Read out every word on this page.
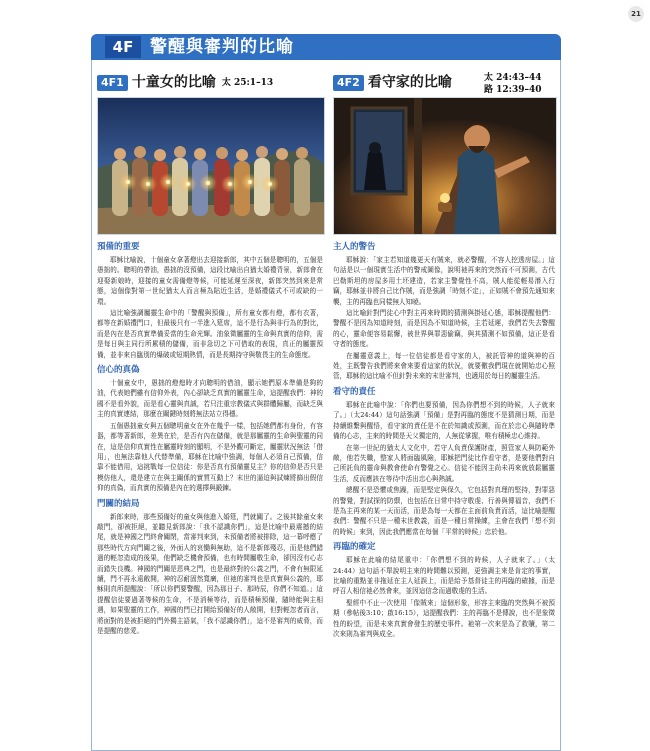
21
4F 警醒與審判的比喻
4F1 十童女的比喻 太 25:1–13	4F2 看守家的比喻	太 24:43–44
路 12:39–40
預備的重要

耶穌比喻說，十個童女拿著燈出去迎接新郎，其中五個是聰明的，五個是愚拙的。聰明的帶油，愚拙的沒預備，這段比喻出自猶太婚禮背景，新郎會在迎娶新娘時，迎接的童女需備燈等候，可能延遲至深夜，新郎突然到來是常態，這個像對第一世紀猶太人而言極為貼近生活，是婚禮儀式不可或缺的一環。

這比喻強調屬靈生命中的「警醒與預備」，所有童女都有燈，都有衣著，都等在新婚禮門口，但最後只有一半進入筵席，這不是行為與非行為的對比，而是內在是否真實準備妥當的生命光輝。油象徵屬靈的生命與真實的信仰，需是每日與主同行所累積的儲備，而非急切之下可借取的表現，真正的屬靈預備，並非來自臨別的爆破或短期熱情，而是長期持守與敬畏主的生命態度。

信心的真偽

十個童女中，愚拙的燈熄時才向聰明的借油，顯示她們原本準備是夠的油，代表她們雖有信仰外表，內心卻缺乏真實的屬靈生命，這提醒我們：神的國不是看外貌，而是看心靈與真誠，若只注重宗教儀式與群體歸屬，而缺乏與主的真實連結，那麼在關鍵時刻將無法站立得穩。

五個愚拙童女與五個聰明童女在外在幾乎一樣，包括她們都有身份，有容器，都等著新郎，差異在於，是否有內在儲備，就是那屬靈的生命與聖靈的同在，這是信仰真實性在屬靈時刻的顯明，不是外觀可斷定，屬靈狀況無法「借用」，也無法靠他人代替準備，耶穌在比喻中強調，每個人必須自己預備，信靠不能借用，這挑戰每一位信徒：你是否真有預備靈見主？你的信仰是否只是模仿他人，還是建立在與主關係的實質互動上？末世的逼迫與試煉將篩出假信仰的真偽，而真實的預備是內在的選擇與鍛鍊。

門關的結局

新郎來時，那些預備好的童女與他進入婚筵，門就關了。之後其餘童女來敲門，卻被拒絕，並聽見新郎說：「我不認識你們」，這是比喻中最震撼的結尾，就是神國之門終會關閉，當審判來到，未預備者將被排除，這一幕呼應了那些時代方向門關之後，外面人的哀慟與無助，這不是新郎殘忍，而是他們錯過的輕忽造成的後果，他們缺乏機會預備，也有時間屬敬生命，卻因沒有心志而錯失良機。神國的門關是恩典之門，也是最終對的公義之門，不會有無限延續，門不再永遠敞開，神的忍耐固然寬廣，但祂的審判也是真實與公義的，耶穌則真所提醒說：「所以你們要警醒，因為那日子、那時辰，你們不知道。」這提醒信徒要過著等候的生命，不是消極等待，而是積極預備，隨時能與主相遇，如果聖靈的工作，神國的門已打開給預備好的人敞開，但對輕忽者而言，將面對的是被拒絕的門外獨主語氣，「我不認識你們」，這不是審判的威脅，而是提醒的慈愛。

主人的警告

耶穌說：「家主若知道幾更天有賊來，就必警醒，不容人挖透房屋。」這句話是以一個現實生活中的警戒圖像，說明祂再來的突然而不可預測，古代巴勒斯坦的房屋多用土坯建造，若家主警覺性不高，賊人能從輕易潛入行竊，耶穌並非將自己比作賊，而是強調「時刻不定」，正如賊不會預先通知來襲，主的再臨也同樣無人知曉。

這比喻針對門徒心中對主再來時間的猜測與掛延心態，耶穌提醒他們：警醒不是因為知道時刻，而是因為不知道時候，主若延遲，我們若失去警醒的心，靈命便容易鬆懈，被世界與罪惡偷竊，與其猜測不如預備，這正是看守者的態度。

在屬靈意義上，每一位信徒都是看守家的人，被託管神的道與神的百姓，主既警告我們將來會來要看這家的狀況，就要儆我們現在就開始忠心照管，耶穌的這比喻不但針對未來的末世審判，也適用於每日的屬靈生活。

看守的責任

耶穌在此喻中說：「你們也要預備，因為你們想不到的時候，人子就來了。」（太24:44）這句話強調「預備」是對再臨的態度不是猜測日期，而是持續維繫與醒悟，看守家的責任是不在於知識或預測，而在於忠心與隨時準備的心志，主來的時間是天父獨定的，人無從掌握，唯有積極忠心維持。

在第一世紀的猶太人文化中，若守人負責保護財產，照管家人與防範外敵，他若失職，整家人將面臨風險，耶穌把門徒比作看守者，是要他們對自己所託負的靈命與教會使命有警覺之心。信徒不能因主尚未再來就放鬆屬靈生活，反而應該在等待中活出忠心與熱誠。

總醒不是恐懼或焦躁，而是堅定與保久，它包括對真理的堅持，對罪惡的警覺，對試探的防禦，也包括在日常中持守敬虔、行善與傳福音，我們不是為主再來的某一天而活，而是為每一天都在主面前負責而活，這比喻提醒我們：警醒不只是一種末世教義，而是一種日常操練，主會在我們「想不到的時候」來到，因此我們應當在每個「平常的時候」忠於他。

再臨的確定

耶穌在此喻的結尾重申：「你們想不到的時候，人子就來了。」（太24:44）這句話不單說明主來的時間難以預測，更強調主來是肯定的事實，比喻的重點並非拖延在主人延誤上，而是給予基督徒主的再臨的確據，而是呼召人相信祂必然會來，並因這信念而過敬虔的生活。

聖經中不止一次使用「像賊來」這個形象，形容主來臨的突然與不被預期（參帖後3:10；啟16:15），這提醒我們：主的再臨不是傳說，也不是象徵性的盼望，而是未來真實會發生的歷史事件。祂第一次來是為了救贖，第二次來則為審判與成全。
